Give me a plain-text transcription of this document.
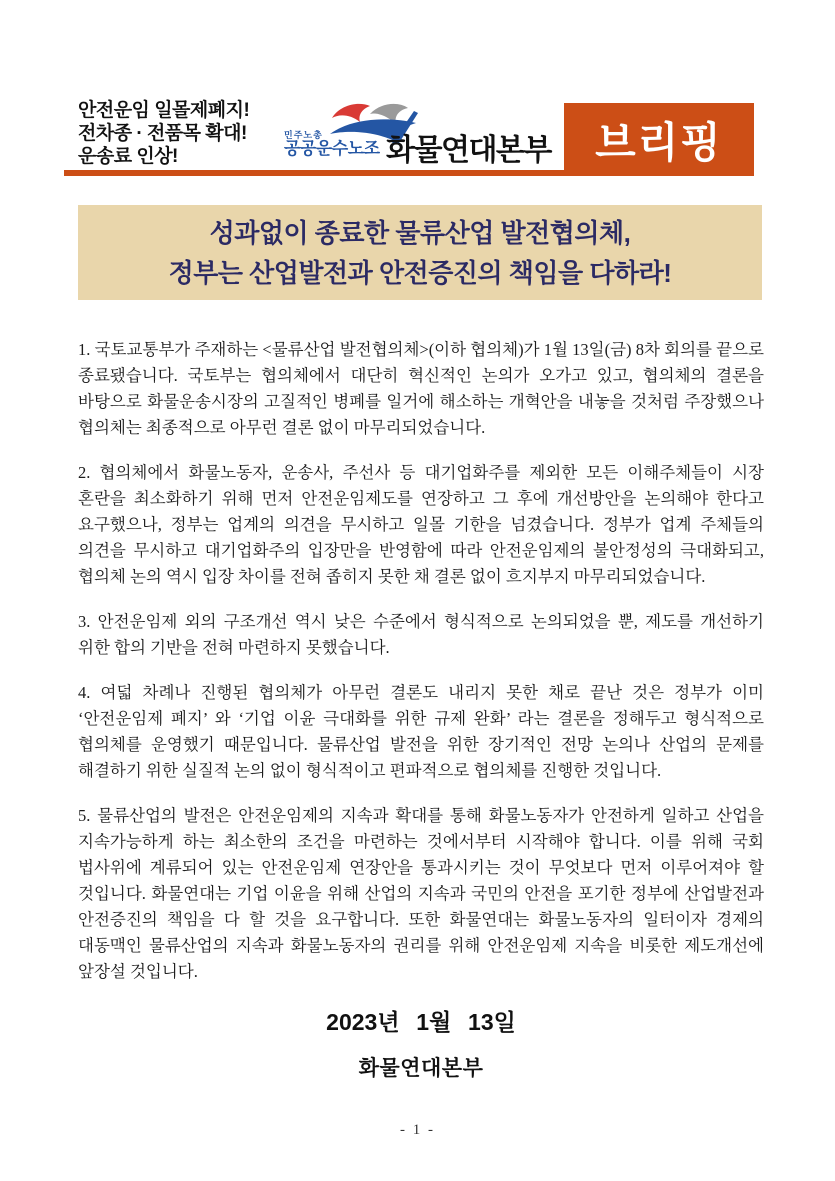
안전운임 일몰제폐지!
전차종 · 전품목 확대!
운송료 인상!
민주노총
공공운수노조 화물연대본부	브리핑
성과없이 종료한 물류산업 발전협의체,
정부는 산업발전과 안전증진의 책임을 다하라!

1. 국토교통부가 주재하는 <물류산업 발전협의체>(이하 협의체)가 1월 13일(금) 8차 회의를 끝으로 종료됐습니다. 국토부는 협의체에서 대단히 혁신적인 논의가 오가고 있고, 협의체의 결론을 바탕으로 화물운송시장의 고질적인 병폐를 일거에 해소하는 개혁안을 내놓을 것처럼 주장했으나 협의체는 최종적으로 아무런 결론 없이 마무리되었습니다.

2. 협의체에서 화물노동자, 운송사, 주선사 등 대기업화주를 제외한 모든 이해주체들이 시장 혼란을 최소화하기 위해 먼저 안전운임제도를 연장하고 그 후에 개선방안을 논의해야 한다고 요구했으나, 정부는 업계의 의견을 무시하고 일몰 기한을 넘겼습니다. 정부가 업계 주체들의 의견을 무시하고 대기업화주의 입장만을 반영함에 따라 안전운임제의 불안정성의 극대화되고, 협의체 논의 역시 입장 차이를 전혀 좁히지 못한 채 결론 없이 흐지부지 마무리되었습니다.

3. 안전운임제 외의 구조개선 역시 낮은 수준에서 형식적으로 논의되었을 뿐, 제도를 개선하기 위한 합의 기반을 전혀 마련하지 못했습니다.

4. 여덟 차례나 진행된 협의체가 아무런 결론도 내리지 못한 채로 끝난 것은 정부가 이미 ‘안전운임제 폐지’ 와 ‘기업 이윤 극대화를 위한 규제 완화’ 라는 결론을 정해두고 형식적으로 협의체를 운영했기 때문입니다. 물류산업 발전을 위한 장기적인 전망 논의나 산업의 문제를 해결하기 위한 실질적 논의 없이 형식적이고 편파적으로 협의체를 진행한 것입니다.

5. 물류산업의 발전은 안전운임제의 지속과 확대를 통해 화물노동자가 안전하게 일하고 산업을 지속가능하게 하는 최소한의 조건을 마련하는 것에서부터 시작해야 합니다. 이를 위해 국회 법사위에 계류되어 있는 안전운임제 연장안을 통과시키는 것이 무엇보다 먼저 이루어져야 할 것입니다. 화물연대는 기업 이윤을 위해 산업의 지속과 국민의 안전을 포기한 정부에 산업발전과 안전증진의 책임을 다 할 것을 요구합니다. 또한 화물연대는 화물노동자의 일터이자 경제의 대동맥인 물류산업의 지속과 화물노동자의 권리를 위해 안전운임제 지속을 비롯한 제도개선에 앞장설 것입니다.

2023년 1월 13일
화물연대본부
- 1 -
